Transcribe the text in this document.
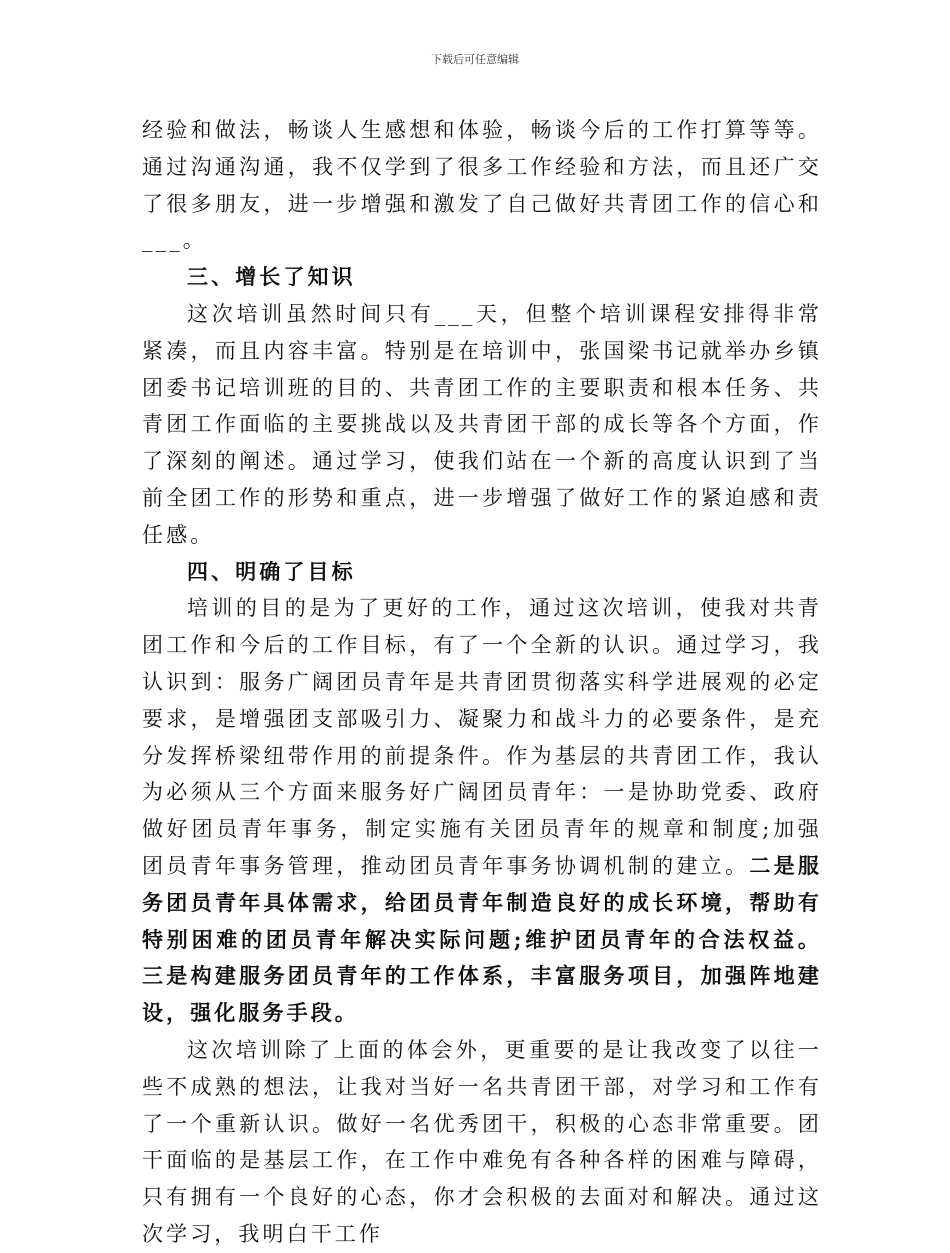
下载后可任意编辑

经验和做法，畅谈人生感想和体验，畅谈今后的工作打算等等。通过沟通沟通，我不仅学到了很多工作经验和方法，而且还广交了很多朋友，进一步增强和激发了自己做好共青团工作的信心和___。

三、增长了知识

这次培训虽然时间只有___天，但整个培训课程安排得非常紧凑，而且内容丰富。特别是在培训中，张国梁书记就举办乡镇团委书记培训班的目的、共青团工作的主要职责和根本任务、共青团工作面临的主要挑战以及共青团干部的成长等各个方面，作了深刻的阐述。通过学习，使我们站在一个新的高度认识到了当前全团工作的形势和重点，进一步增强了做好工作的紧迫感和责任感。

四、明确了目标

培训的目的是为了更好的工作，通过这次培训，使我对共青团工作和今后的工作目标，有了一个全新的认识。通过学习，我认识到：服务广阔团员青年是共青团贯彻落实科学进展观的必定要求，是增强团支部吸引力、凝聚力和战斗力的必要条件，是充分发挥桥梁纽带作用的前提条件。作为基层的共青团工作，我认为必须从三个方面来服务好广阔团员青年：一是协助党委、政府做好团员青年事务，制定实施有关团员青年的规章和制度;加强团员青年事务管理，推动团员青年事务协调机制的建立。二是服务团员青年具体需求，给团员青年制造良好的成长环境，帮助有特别困难的团员青年解决实际问题;维护团员青年的合法权益。三是构建服务团员青年的工作体系，丰富服务项目，加强阵地建设，强化服务手段。

这次培训除了上面的体会外，更重要的是让我改变了以往一些不成熟的想法，让我对当好一名共青团干部，对学习和工作有了一个重新认识。做好一名优秀团干，积极的心态非常重要。团干面临的是基层工作，在工作中难免有各种各样的困难与障碍，只有拥有一个良好的心态，你才会积极的去面对和解决。通过这次学习，我明白干工作
